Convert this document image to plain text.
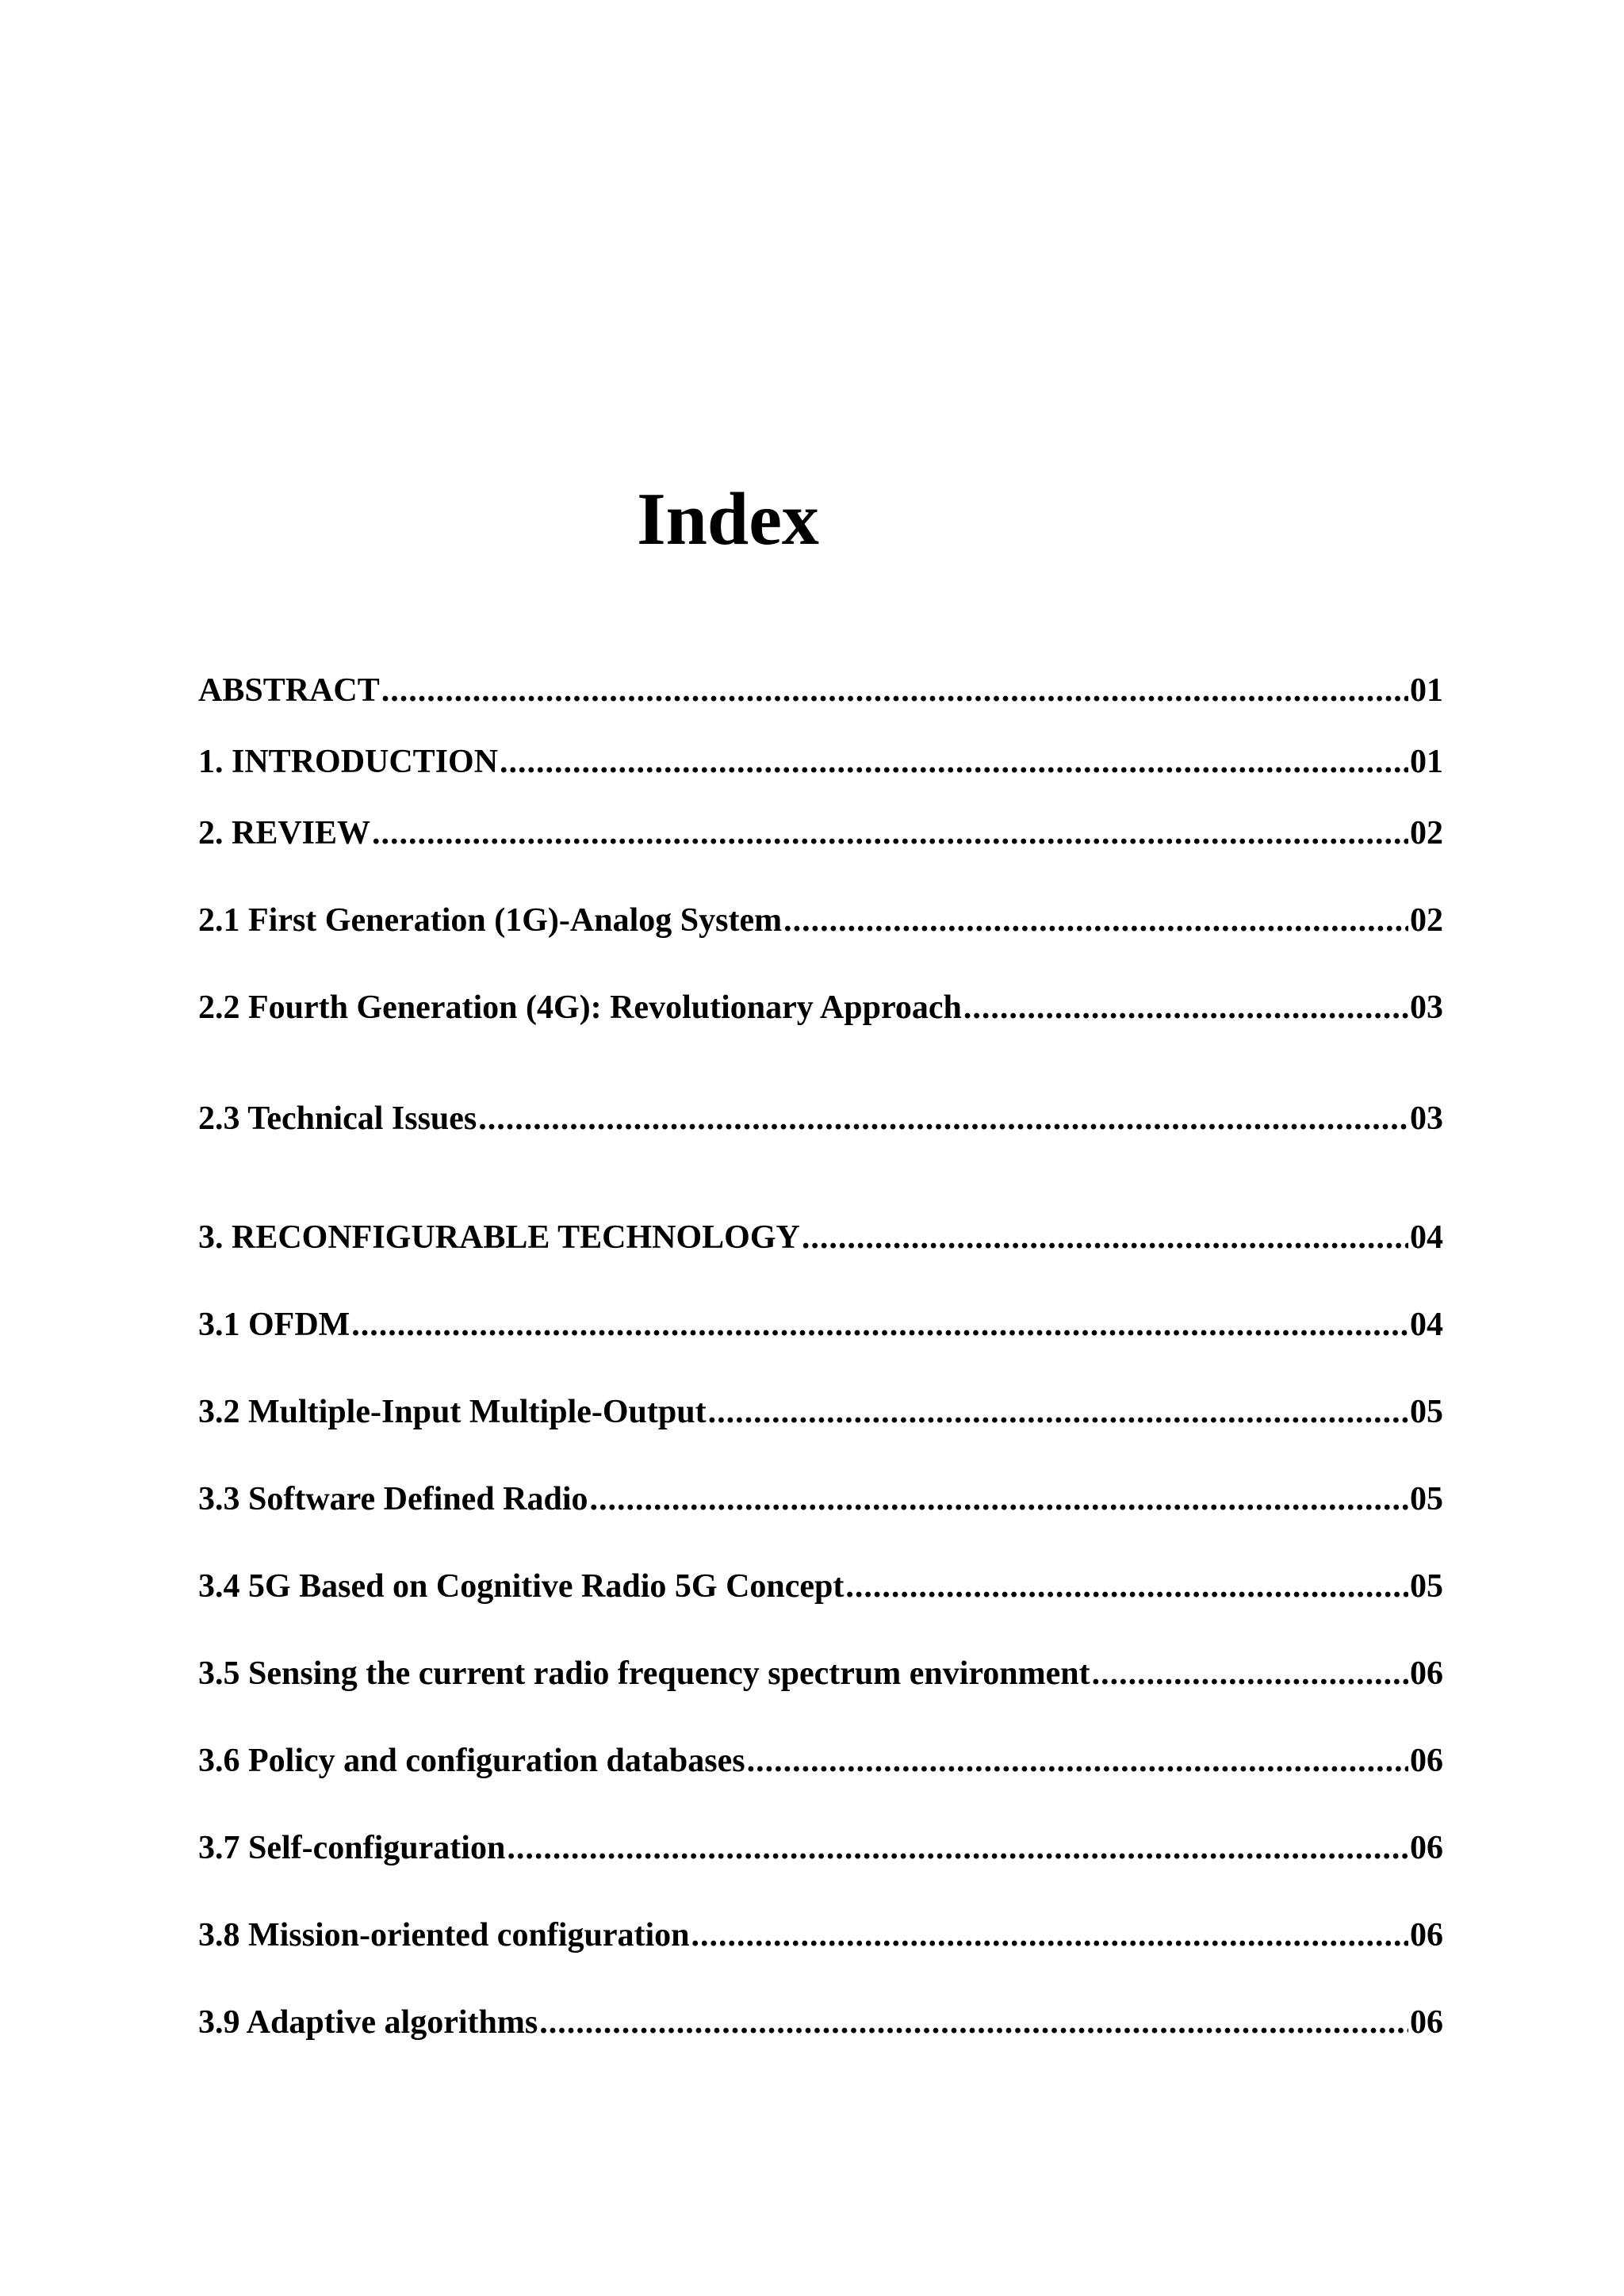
Index
ABSTRACT .....	01
1. INTRODUCTION .....	01
2. REVIEW .....	02
2.1 First Generation (1G)-Analog System .....	02
2.2 Fourth Generation (4G): Revolutionary Approach .....	03
2.3 Technical Issues .....	03
3. RECONFIGURABLE TECHNOLOGY .....	04
3.1 OFDM .....	04
3.2 Multiple-Input Multiple-Output .....	05
3.3 Software Defined Radio .....	05
3.4 5G Based on Cognitive Radio 5G Concept .....	05
3.5 Sensing the current radio frequency spectrum environment .....	06
3.6 Policy and configuration databases .....	06
3.7 Self-configuration .....	06
3.8 Mission-oriented configuration .....	06
3.9 Adaptive algorithms .....	06
